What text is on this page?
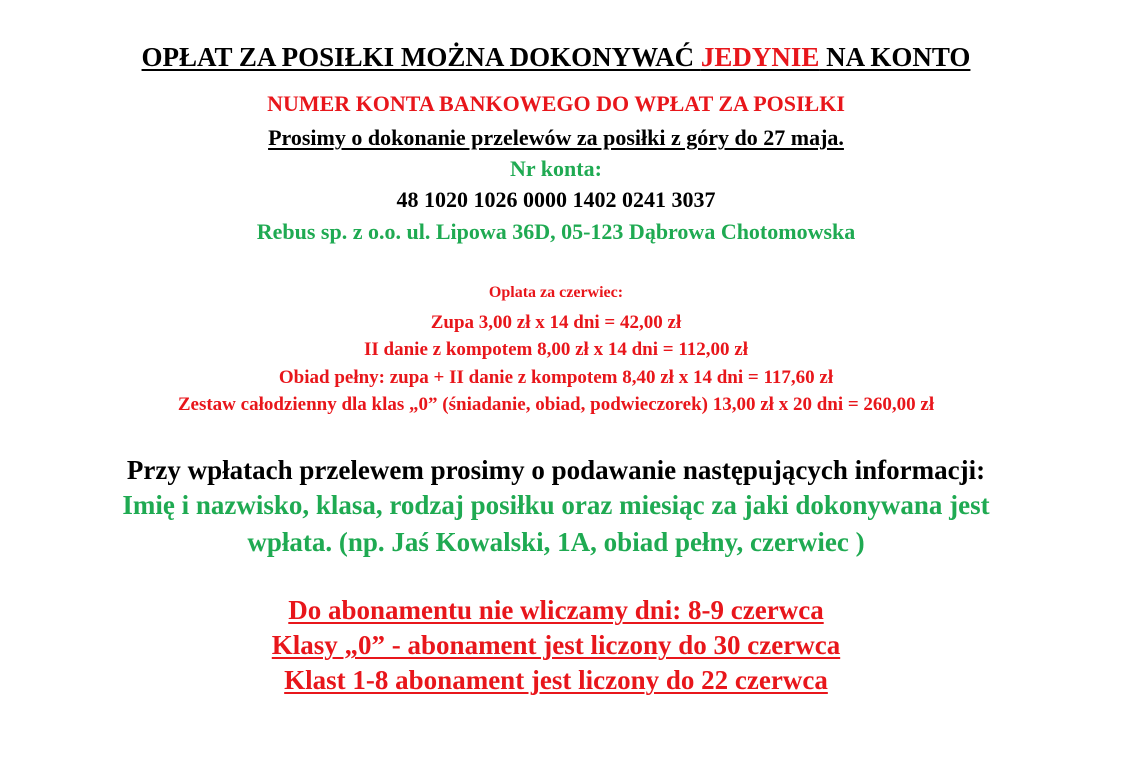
OPŁAT ZA POSIŁKI MOŻNA DOKONYWAĆ JEDYNIE NA KONTO
NUMER KONTA BANKOWEGO DO WPŁAT ZA POSIŁKI
Prosimy o dokonanie przelewów za posiłki z góry do 27 maja.
Nr konta:
48 1020 1026 0000 1402 0241 3037
Rebus sp. z o.o. ul. Lipowa 36D, 05-123 Dąbrowa Chotomowska
Oplata za czerwiec:
Zupa 3,00 zł x 14 dni = 42,00 zł
II danie z kompotem 8,00 zł x 14 dni = 112,00 zł
Obiad pełny: zupa + II danie z kompotem 8,40 zł x 14 dni = 117,60 zł
Zestaw całodzienny dla klas „0” (śniadanie, obiad, podwieczorek) 13,00 zł x 20 dni = 260,00 zł
Przy wpłatach przelewem prosimy o podawanie następujących informacji:
Imię i nazwisko, klasa, rodzaj posiłku oraz miesiąc za jaki dokonywana jest
wpłata. (np. Jaś Kowalski, 1A, obiad pełny, czerwiec )
Do abonamentu nie wliczamy dni: 8-9 czerwca
Klasy „0” - abonament jest liczony do 30 czerwca
Klast 1-8 abonament jest liczony do 22 czerwca
